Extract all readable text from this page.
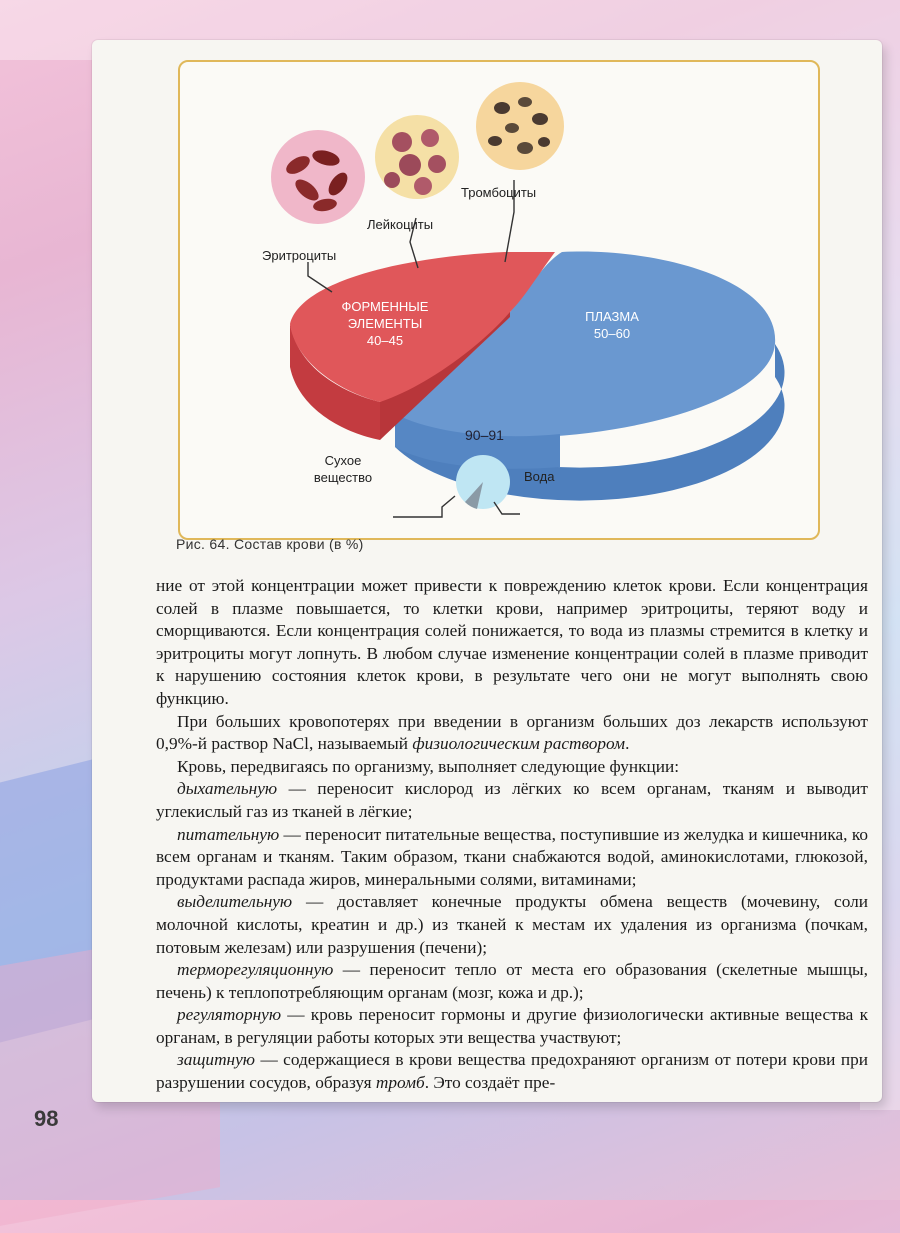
Тромбоциты
Лейкоциты
Эритроциты
ФОРМЕННЫЕ
ЭЛЕМЕНТЫ
40–45
ПЛАЗМА
50–60
90–91
Сухое
вещество	Вода
Рис. 64. Состав крови (в %)

ние от этой концентрации может привести к повреждению клеток крови. Если концентрация солей в плазме повышается, то клетки крови, например эритроциты, теряют воду и сморщиваются. Если концентрация солей понижается, то вода из плазмы стремится в клетку и эритроциты могут лопнуть. В любом случае изменение концентрации солей в плазме приводит к нарушению состояния клеток крови, в результате чего они не могут выполнять свою функцию.

При больших кровопотерях при введении в организм больших доз лекарств используют 0,9%-й раствор NaCl, называемый физиологическим раствором.

Кровь, передвигаясь по организму, выполняет следующие функции:

дыхательную — переносит кислород из лёгких ко всем органам, тканям и выводит углекислый газ из тканей в лёгкие;

питательную — переносит питательные вещества, поступившие из желудка и кишечника, ко всем органам и тканям. Таким образом, ткани снабжаются водой, аминокислотами, глюкозой, продуктами распада жиров, минеральными солями, витаминами;

выделительную — доставляет конечные продукты обмена веществ (мочевину, соли молочной кислоты, креатин и др.) из тканей к местам их удаления из организма (почкам, потовым железам) или разрушения (печени);

терморегуляционную — переносит тепло от места его образования (скелетные мышцы, печень) к теплопотребляющим органам (мозг, кожа и др.);

регуляторную — кровь переносит гормоны и другие физиологически активные вещества к органам, в регуляции работы которых эти вещества участвуют;

защитную — содержащиеся в крови вещества предохраняют организм от потери крови при разрушении сосудов, образуя тромб. Это создаёт пре-

98
